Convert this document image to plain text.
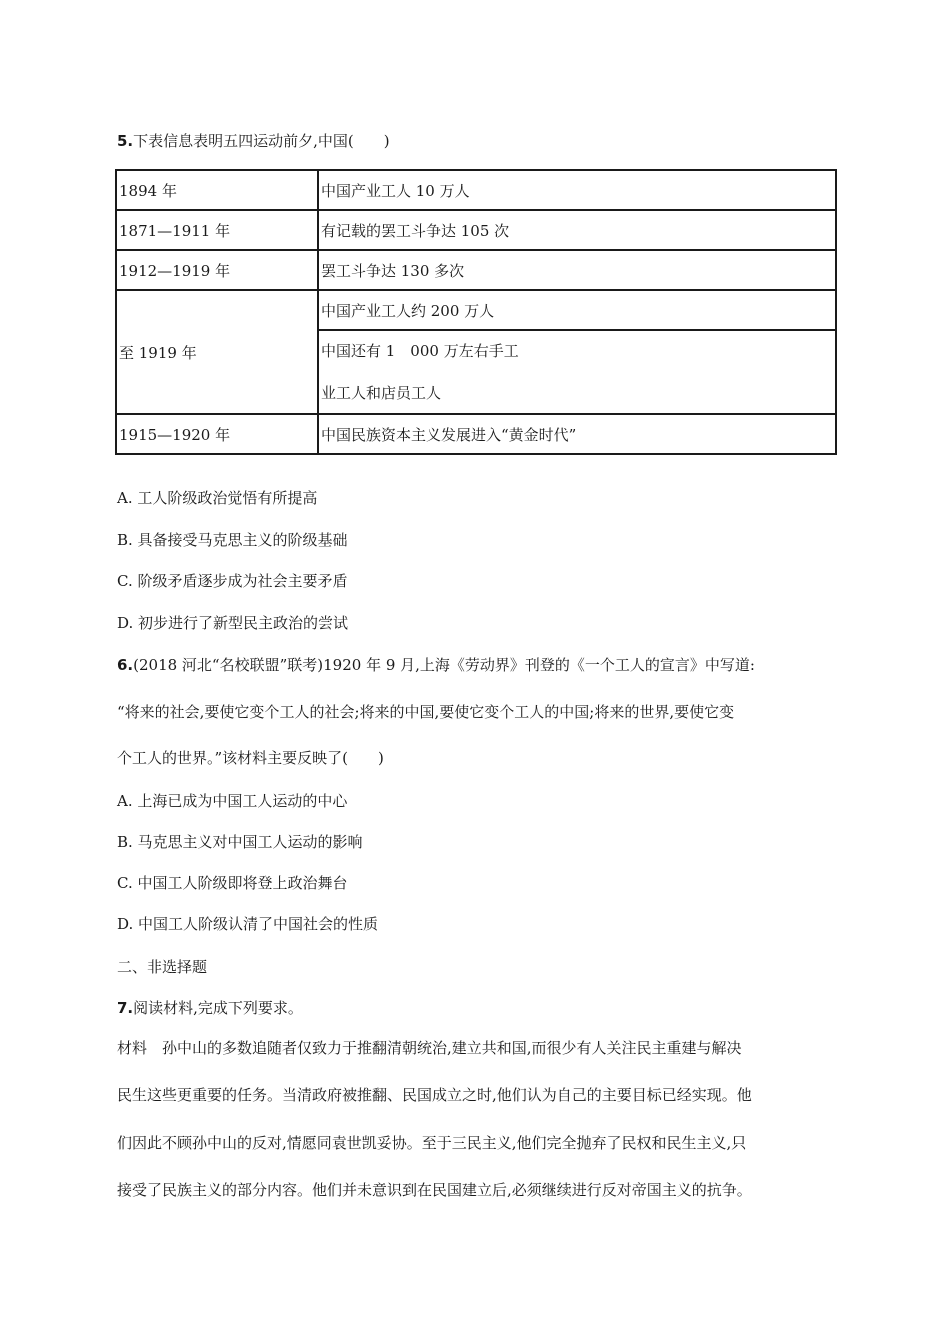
5.下表信息表明五四运动前夕,中国(　　)
1894 年	中国产业工人 10 万人
1871—1911 年	有记载的罢工斗争达 105 次
1912—1919 年	罢工斗争达 130 多次
至 1919 年	中国产业工人约 200 万人

	中国还有 1　000 万左右手工
业工人和店员工人

1915—1920 年	中国民族资本主义发展进入“黄金时代”
A. 工人阶级政治觉悟有所提高
B. 具备接受马克思主义的阶级基础
C. 阶级矛盾逐步成为社会主要矛盾
D. 初步进行了新型民主政治的尝试
6.(2018 河北“名校联盟”联考)1920 年 9 月,上海《劳动界》刊登的《一个工人的宣言》中写道:
“将来的社会,要使它变个工人的社会;将来的中国,要使它变个工人的中国;将来的世界,要使它变
个工人的世界。”该材料主要反映了(　　)
A. 上海已成为中国工人运动的中心
B. 马克思主义对中国工人运动的影响
C. 中国工人阶级即将登上政治舞台
D. 中国工人阶级认清了中国社会的性质
二、非选择题
7.阅读材料,完成下列要求。
材料　孙中山的多数追随者仅致力于推翻清朝统治,建立共和国,而很少有人关注民主重建与解决
民生这些更重要的任务。当清政府被推翻、民国成立之时,他们认为自己的主要目标已经实现。他
们因此不顾孙中山的反对,情愿同袁世凯妥协。至于三民主义,他们完全抛弃了民权和民生主义,只
接受了民族主义的部分内容。他们并未意识到在民国建立后,必须继续进行反对帝国主义的抗争。
